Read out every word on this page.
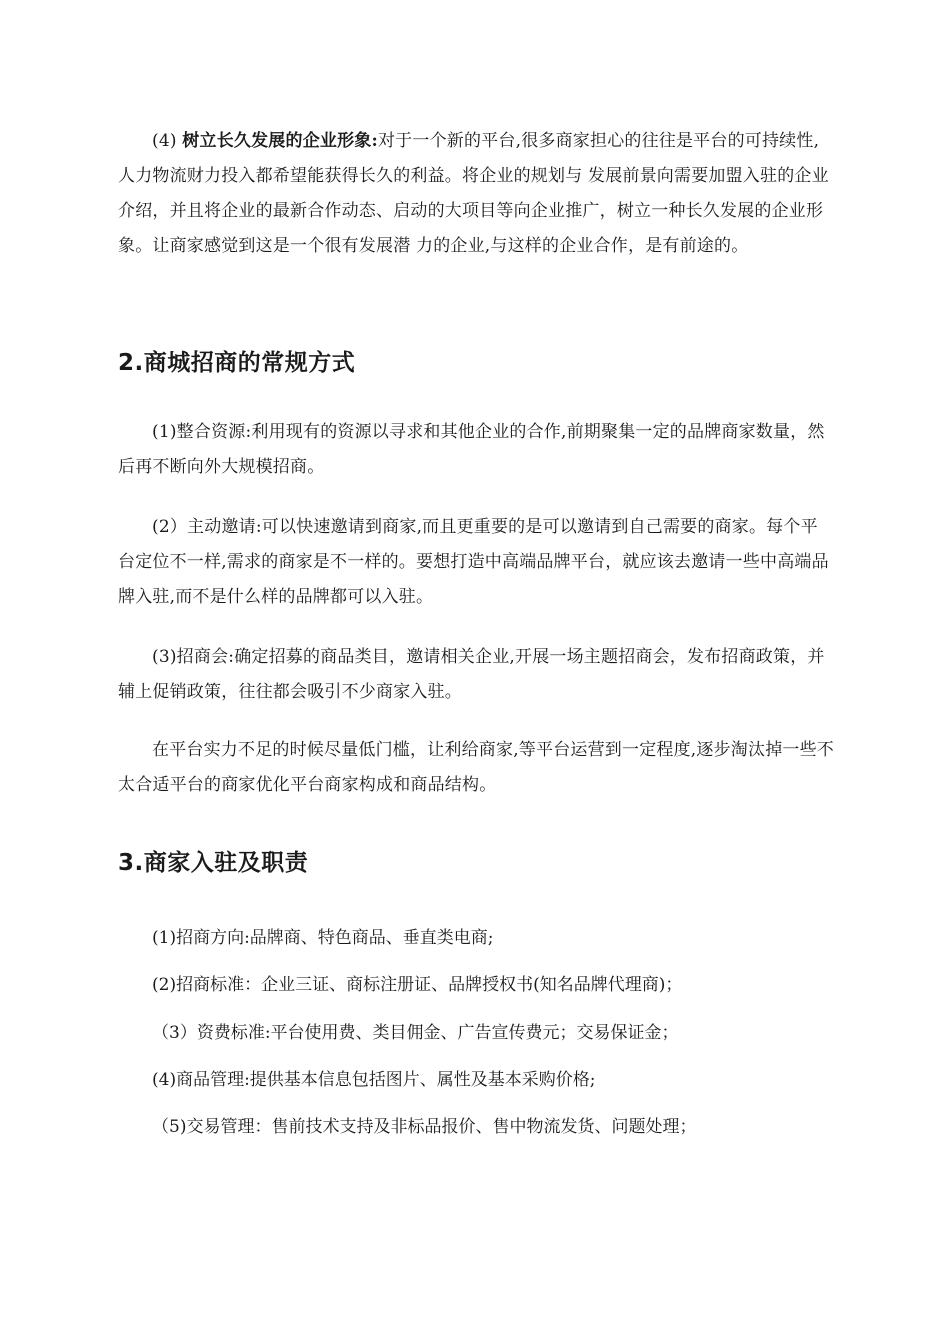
(4) 树立长久发展的企业形象:对于一个新的平台,很多商家担心的往往是平台的可持续性,人力物流财力投入都希望能获得长久的利益。将企业的规划与 发展前景向需要加盟入驻的企业介绍，并且将企业的最新合作动态、启动的大项目等向企业推广，树立一种长久发展的企业形象。让商家感觉到这是一个很有发展潜 力的企业,与这样的企业合作，是有前途的。

2.商城招商的常规方式

(1)整合资源:利用现有的资源以寻求和其他企业的合作,前期聚集一定的品牌商家数量，然后再不断向外大规模招商。

(2）主动邀请:可以快速邀请到商家,而且更重要的是可以邀请到自己需要的商家。每个平台定位不一样,需求的商家是不一样的。要想打造中高端品牌平台，就应该去邀请一些中高端品牌入驻,而不是什么样的品牌都可以入驻。

(3)招商会:确定招募的商品类目，邀请相关企业,开展一场主题招商会，发布招商政策，并辅上促销政策，往往都会吸引不少商家入驻。

在平台实力不足的时候尽量低门槛，让利给商家,等平台运营到一定程度,逐步淘汰掉一些不太合适平台的商家优化平台商家构成和商品结构。

3.商家入驻及职责

(1)招商方向:品牌商、特色商品、垂直类电商;

(2)招商标准：企业三证、商标注册证、品牌授权书(知名品牌代理商)；

（3）资费标准:平台使用费、类目佣金、广告宣传费元；交易保证金；

(4)商品管理:提供基本信息包括图片、属性及基本采购价格;

（5)交易管理：售前技术支持及非标品报价、售中物流发货、问题处理；
